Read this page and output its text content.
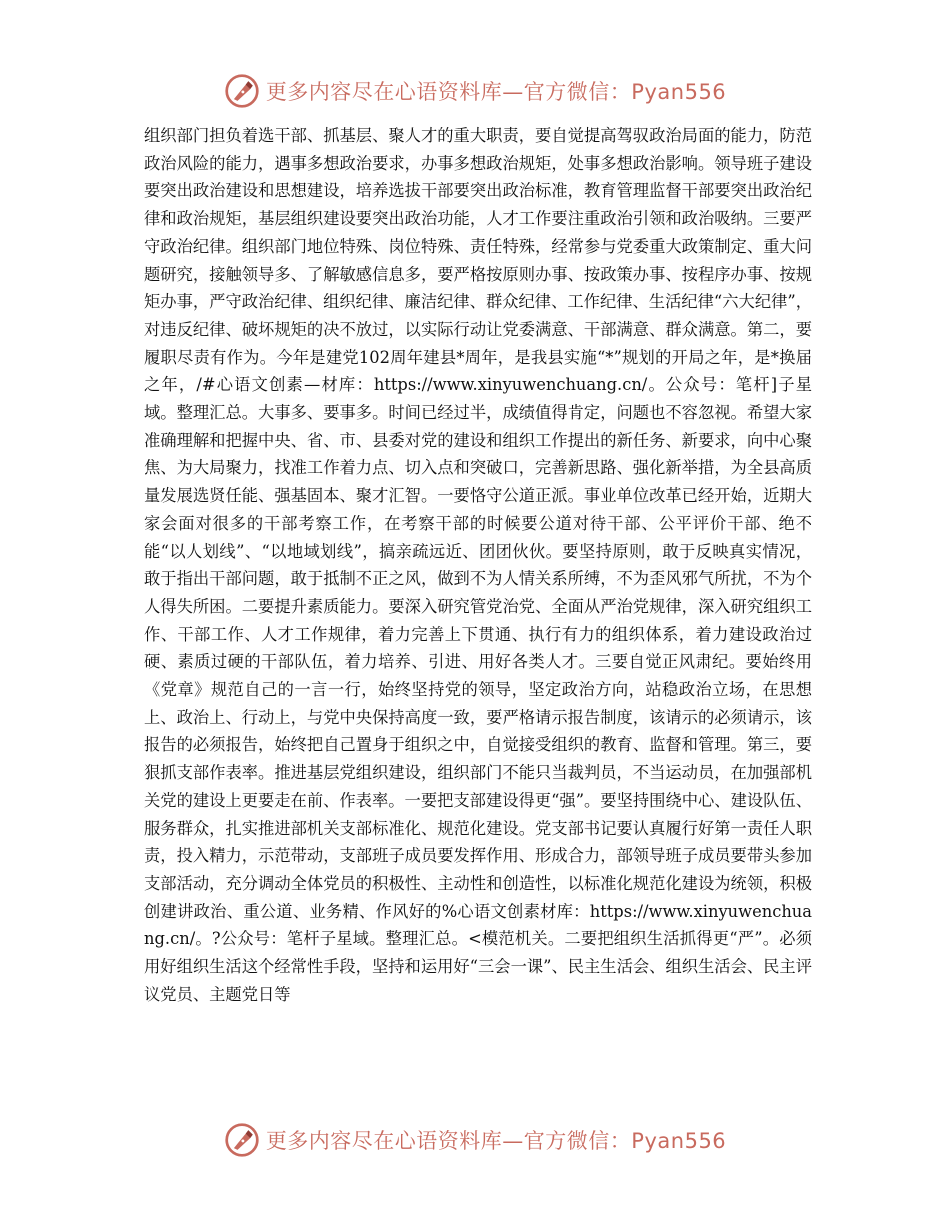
更多内容尽在心语资料库—官方微信：Pyan556

组织部门担负着选干部、抓基层、聚人才的重大职责，要自觉提高驾驭政治局面的能力，防范政治风险的能力，遇事多想政治要求，办事多想政治规矩，处事多想政治影响。领导班子建设要突出政治建设和思想建设，培养选拔干部要突出政治标准，教育管理监督干部要突出政治纪律和政治规矩，基层组织建设要突出政治功能，人才工作要注重政治引领和政治吸纳。三要严守政治纪律。组织部门地位特殊、岗位特殊、责任特殊，经常参与党委重大政策制定、重大问题研究，接触领导多、了解敏感信息多，要严格按原则办事、按政策办事、按程序办事、按规矩办事，严守政治纪律、组织纪律、廉洁纪律、群众纪律、工作纪律、生活纪律“六大纪律”，对违反纪律、破坏规矩的决不放过，以实际行动让党委满意、干部满意、群众满意。第二，要履职尽责有作为。今年是建党102周年建县*周年，是我县实施“*”规划的开局之年，是*换届之年，/#心语文创素—材库：https://www.xinyuwenchuang.cn/。公众号：笔杆]子星域。整理汇总。大事多、要事多。时间已经过半，成绩值得肯定，问题也不容忽视。希望大家准确理解和把握中央、省、市、县委对党的建设和组织工作提出的新任务、新要求，向中心聚焦、为大局聚力，找准工作着力点、切入点和突破口，完善新思路、强化新举措，为全县高质量发展选贤任能、强基固本、聚才汇智。一要恪守公道正派。事业单位改革已经开始，近期大家会面对很多的干部考察工作，在考察干部的时候要公道对待干部、公平评价干部、绝不能“以人划线”、“以地域划线”，搞亲疏远近、团团伙伙。要坚持原则，敢于反映真实情况，敢于指出干部问题，敢于抵制不正之风，做到不为人情关系所缚，不为歪风邪气所扰，不为个人得失所困。二要提升素质能力。要深入研究管党治党、全面从严治党规律，深入研究组织工作、干部工作、人才工作规律，着力完善上下贯通、执行有力的组织体系，着力建设政治过硬、素质过硬的干部队伍，着力培养、引进、用好各类人才。三要自觉正风肃纪。要始终用《党章》规范自己的一言一行，始终坚持党的领导，坚定政治方向，站稳政治立场，在思想上、政治上、行动上，与党中央保持高度一致，要严格请示报告制度，该请示的必须请示，该报告的必须报告，始终把自己置身于组织之中，自觉接受组织的教育、监督和管理。第三，要狠抓支部作表率。推进基层党组织建设，组织部门不能只当裁判员，不当运动员，在加强部机关党的建设上更要走在前、作表率。一要把支部建设得更“强”。要坚持围绕中心、建设队伍、服务群众，扎实推进部机关支部标准化、规范化建设。党支部书记要认真履行好第一责任人职责，投入精力，示范带动，支部班子成员要发挥作用、形成合力，部领导班子成员要带头参加支部活动，充分调动全体党员的积极性、主动性和创造性，以标准化规范化建设为统领，积极创建讲政治、重公道、业务精、作风好的%心语文创素材库：https://www.xinyuwenchuang.cn/。?公众号：笔杆子星域。整理汇总。<模范机关。二要把组织生活抓得更“严”。必须用好组织生活这个经常性手段，坚持和运用好“三会一课”、民主生活会、组织生活会、民主评议党员、主题党日等

更多内容尽在心语资料库—官方微信：Pyan556
